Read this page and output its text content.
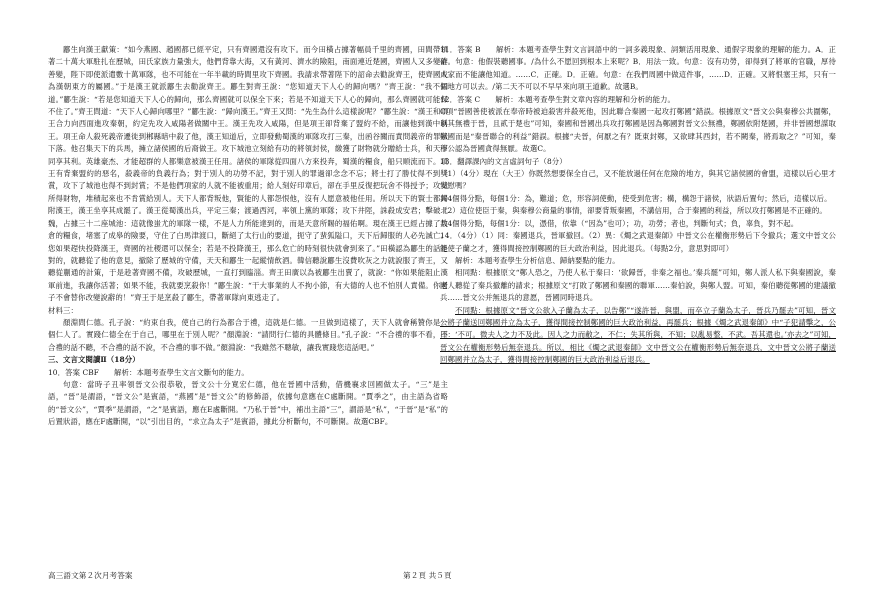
酈生向漢王獻策：“如今燕國、趙國都已經平定，只有齊國還沒有攻下。而今田橫占據著幅員千里的齊國，田間帶領著二十萬大軍駐扎在歷城，田氏家族力量強大，他們背靠大海，又有黃河、濟水的險阻，南面連近楚國，齊國人又多變詐善變，陛下即使派遣數十萬軍隊，也不可能在一年半載的時間里攻下齊國。我請求帶著陛下的詔命去勸說齊王，使齊國成為漢朝東方的屬國。”于是漢王就派酈生去勸說齊王。酈生對齊王說：“您知道天下人心的歸向嗎？”齊王說：“我不知道。”酈生說：“若是您知道天下人心的歸向，那么齊國就可以保全下來；若是不知道天下人心的歸向，那么齊國就可能保不住了。”齊王問道：“天下人心歸向哪里？”酈生說：“歸向漢王。”齊王又問：“先生為什么這樣說呢？”酈生說：“漢王和項王合力向西面進攻秦朝，約定先攻入咸陽者做關中王。漢王先攻入咸陽，但是項王卻背棄了盟約不給，而讓他到漢中稱王。項王命人殺死義帝遷徙到郴縣暗中殺了他，漢王知道后，立即發動蜀漢的軍隊攻打三秦，出函谷關而責問義帝的罪狀下落。他召集天下的兵馬，擁立諸侯國的后裔做王。攻下城池立刻給有功的將領封侯，繳獲了財物就分贈給士兵，和天下同享其利。英雄豪杰、才能超群的人都樂意被漢王任用。諸侯的軍隊從四面八方來投奔，蜀漢的糧食，船只順流而下。項王有背棄盟約的惡名，殺義帝的負義行為；對于別人的功勞不記，對于別人的罪過卻念念不忘；將士打了勝仗得不到獎賞，攻下了城池也得不到封賞；不是他們項家的人就不能被重用；給人刻好印章后，卻在手里反復把玩舍不得授予；攻城所得財物，堆積起來也不肯賞給別人。天下人都背叛他，賢能的人都怨恨他，沒有人愿意被他任用。所以天下的賢士都歸附漢王，漢王坐享其成罷了。漢王從蜀漢出兵，平定三秦；渡過西河，率領上黨的軍隊；攻下井陘，誅殺成安君；擊破北魏，占據三十二座城池：這就像蚩尤的軍隊一樣，不是人力所能達到的，而是天意所賜的福佑啊。現在漢王已經占據了敖倉的糧食，堵塞了成皋的險要，守住了白馬津渡口，斷絕了太行山的要道，扼守了蜚狐隘口，天下后歸服的人必先滅亡。您如果趕快投降漢王，齊國的社稷還可以保全；若是不投降漢王，那么危亡的時刻很快就會到來了。”田橫認為酈生的話是對的，就聽從了他的意見，撤除了歷城的守備，天天和酈生一起縱情飲酒。韓信聽說酈生沒費吹灰之力就說服了齊王，又聽從蒯通的計策，于是趁著齊國不備，攻破歷城，一直打到臨淄。齊王田廣以為被酈生出賣了，就說：“你如果能阻止漢軍前進，我讓你活著；如果不能，我就要烹殺你！”酈生說：“干大事業的人不拘小節，有大德的人也不怕別人責備。你老子不會替你改變說辭的！”齊王于是烹殺了酈生，帶著軍隊向東逃走了。

材料三：

顏淵問仁德。孔子說：“約束自我，使自己的行為都合于禮，這就是仁德。一旦做到這樣了，天下人就會稱贊你是一個仁人了。實踐仁德全在于自己，哪里在于別人呢？”顏淵說：“請問行仁德的具體條目。”孔子說：“不合禮的事不看，不合禮的話不聽，不合禮的話不說，不合禮的事不做。”顏淵說：“我雖然不聰敏，讓我實踐您這話吧。”

三、文言文閱讀Ⅱ（18分）

10．答案 CBF　　解析：本題考查學生文言文斷句的能力。

句意：當時子丑率領晉文公很恭敬，晉文公十分寬宏仁德，他在晉國中活動，借機襄求回國做太子。“三”是主語，“晉”是謂語，“晉文公”是賓語，“燕國”是“晉文公”的修飾語，依據句意應在C處斷開。“賈季之”，由主語為省略的“晉文公”，“賈季”是謂語，“之”是賓語，應在E處斷開。“乃私于晉”中，補出主語“三”，謂語是“私”，“于晉”是“私”的后置狀語，應在F處斷開，“以”引出目的，“求立為太子”是賓語，據此分析斷句，不可斷開。故選CBF。

11．答案 B　　解析：本題考查學生對文言詞語中的一詞多義現象、詞類活用現象、通假字現象的理解的能力。A．正確。句意：他假裝聽國事。/為什么不愿回到根本上來呢？B．用法一致。句意：沒有功勞，卻得到了將軍的官職，厚待人家而不能讓他知道。……C．正確。D．正確。句意：在我們周國中做這件事，……D．正確。又將恨塞王邦，只有一個地方可以去。/第二天不可以不早早來向項王道歉。故選B。

12．答案 C　　解析：本題考查學生對文章內容的理解和分析的能力。

C項“晉國善使被派在奉帝時被迫殺害并殺死他，因此聯合秦國一起攻打鄭國”錯誤。根據原文“晉文公與秦穆公共圍鄭，以其無禮于晉，且貳于楚也”可知，秦國和晉國出兵攻打鄭國是因為鄭國對晉文公無禮，鄭國依附楚國，并非晉國想謀取鄭國而是“秦晉聯合的利益”錯誤。根據“夫晉，何厭之有？既東封鄭，又欲肆其西封，若不闕秦，將焉取之？”可知，秦穆公認為晉國貪得無厭。故選C。

13．翻譯課內的文言虛詞句子（8分）

（1）（4分）現在（大王）你既然想要保全自己，又不能放過任何在危險的地方，與其它諸侯國的會盟，這樣以后心里才安慰嗎？

共4個得分點，每個1分：為，難道；危，形容詞使動，使受到危害；構，構怨于諸侯，狀語后置句；然后，這樣以后。

（2）這位使臣于秦，與秦穆公商量的事情，卻要背叛秦國，不講信用，合于秦國的利益，所以攻打鄭國是不正確的。

共4個得分點，每個1分：以，憑借，依靠（“因為”也可）；功，功勞；者也，判斷句式；負，辜負，對不起。

14．（4分）（1）同：秦國退兵，晉軍撤回。（2）異：《燭之武退秦師》中晉文公在權衡形勢后下令撤兵；選文中晉文公能使子蘭之才，獲得間接控制鄭國的巨大政治利益，因此退兵。（每點2分，意思對即可）

解析：本題考查學生分析信息、歸納要點的能力。

相同點：根據原文“鄭人恐之，乃使人私于秦曰：‘欲歸晉，非秦之福也。’秦兵罷”可知，鄭人派人私下與秦國說，秦國人聽從了秦兵撤離的請求；根據原文“打敗了鄭國和秦國的聯軍……秦伯說，與鄭人盟。可知，秦伯聽從鄭國的建議撤兵……晉文公并無退兵的意愿，晉國同時退兵。

不同點：根據原文“晉文公欲入子蘭為太子，以告鄭”“遂許晉，與盟，而卒立子蘭為太子，晉兵乃罷去”可知，晉文公將子蘭送回鄭國并立為太子，獲得間接控制鄭國的巨大政治利益，再罷兵；根據《燭之武退秦師》中“子犯請擊之，公曰：‘不可。微夫人之力不及此。因人之力而敝之，不仁；失其所與，不知；以亂易整，不武。吾其還也。’亦去之”可知，晉文公在權衡形勢后無奈退兵。所以，相比《燭之武退秦師》文中晉文公在權衡形勢后無奈退兵，文中晉文公將子蘭送回鄭國并立為太子，獲得間接控制鄭國的巨大政治利益后退兵。

高三語文第２次月考答案	第２頁 共５頁
